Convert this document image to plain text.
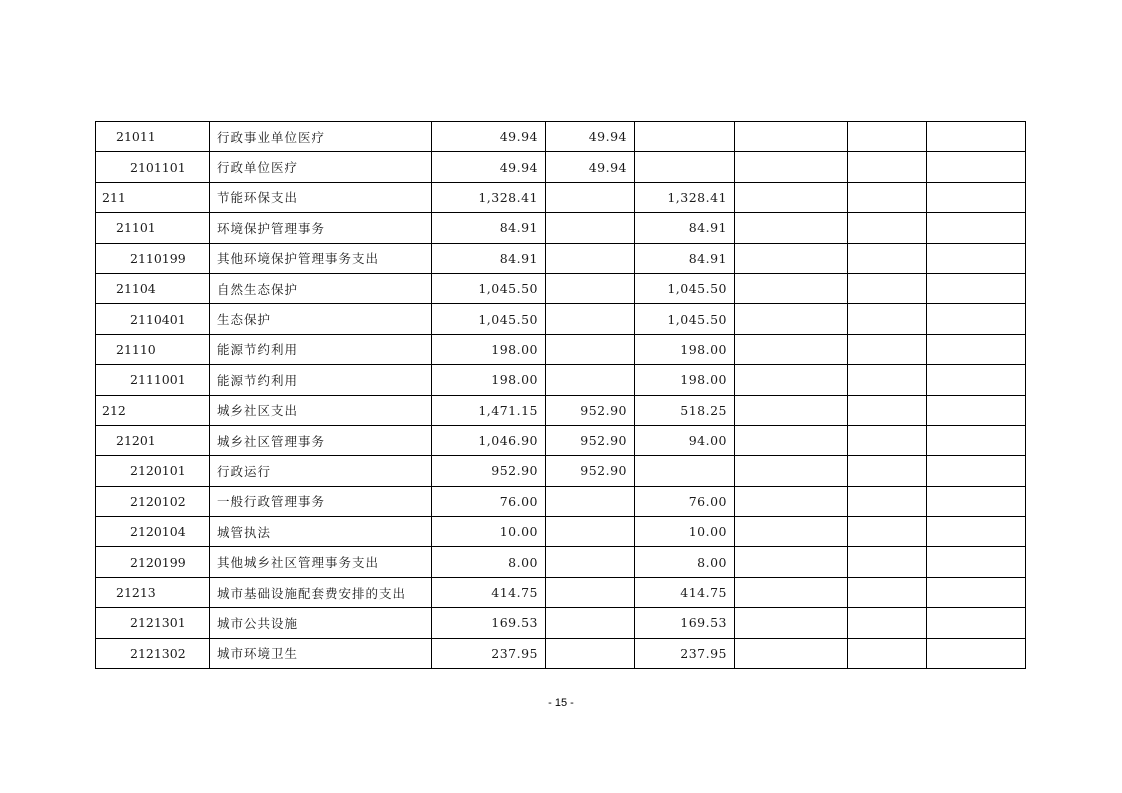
21011	行政事业单位医疗	49.94	49.94				
2101101	行政单位医疗	49.94	49.94				
211	节能环保支出	1,328.41		1,328.41			
21101	环境保护管理事务	84.91		84.91			
2110199	其他环境保护管理事务支出	84.91		84.91			
21104	自然生态保护	1,045.50		1,045.50			
2110401	生态保护	1,045.50		1,045.50			
21110	能源节约利用	198.00		198.00			
2111001	能源节约利用	198.00		198.00			
212	城乡社区支出	1,471.15	952.90	518.25			
21201	城乡社区管理事务	1,046.90	952.90	94.00			
2120101	行政运行	952.90	952.90				
2120102	一般行政管理事务	76.00		76.00			
2120104	城管执法	10.00		10.00			
2120199	其他城乡社区管理事务支出	8.00		8.00			
21213	城市基础设施配套费安排的支出	414.75		414.75			
2121301	城市公共设施	169.53		169.53			
2121302	城市环境卫生	237.95		237.95			
- 15 -
